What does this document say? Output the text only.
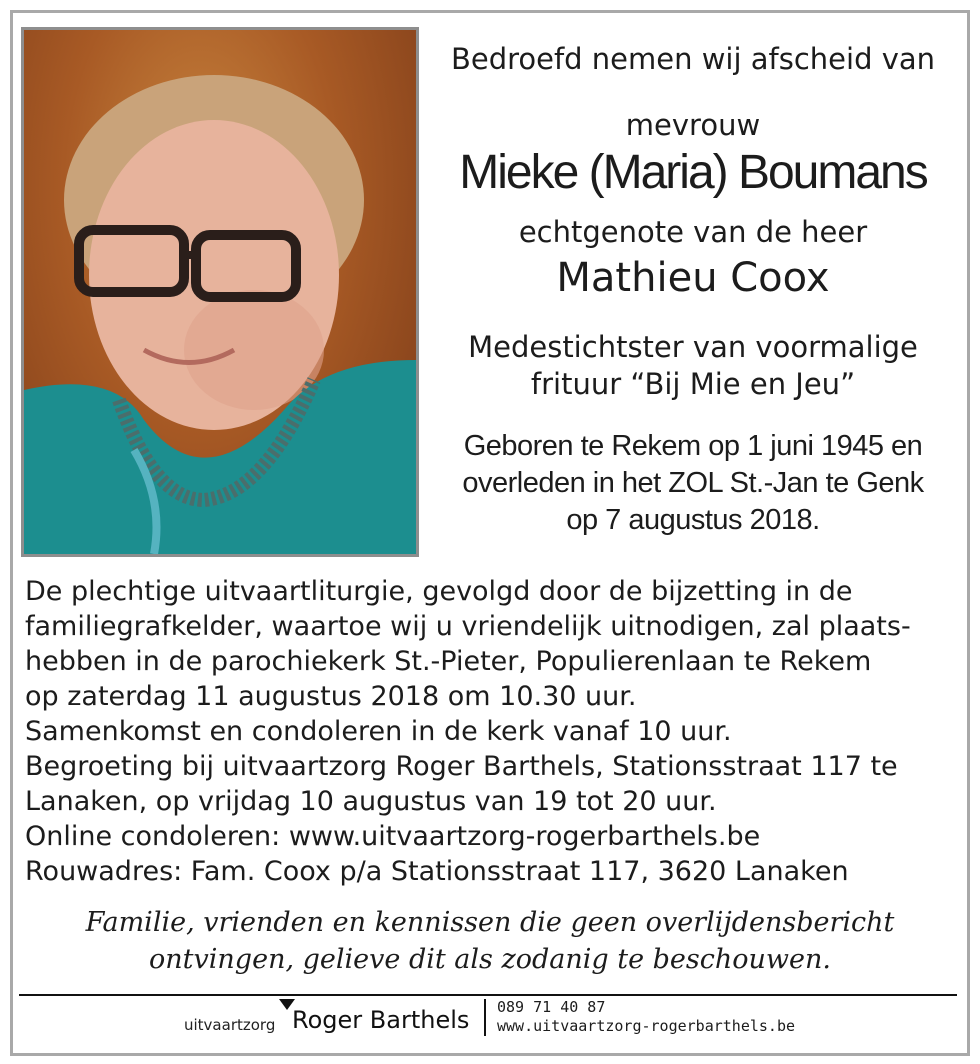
Bedroefd nemen wij afscheid van
mevrouw
Mieke (Maria) Boumans
echtgenote van de heer
Mathieu Coox
Medestichtster van voormalige
frituur “Bij Mie en Jeu”
Geboren te Rekem op 1 juni 1945 en
overleden in het ZOL St.-Jan te Genk
op 7 augustus 2018.
De plechtige uitvaartliturgie, gevolgd door de bijzetting in de
familiegrafkelder, waartoe wij u vriendelijk uitnodigen, zal plaats-
hebben in de parochiekerk St.-Pieter, Populierenlaan te Rekem
op zaterdag 11 augustus 2018 om 10.30 uur.
Samenkomst en condoleren in de kerk vanaf 10 uur.
Begroeting bij uitvaartzorg Roger Barthels, Stationsstraat 117 te
Lanaken, op vrijdag 10 augustus van 19 tot 20 uur.
Online condoleren: www.uitvaartzorg-rogerbarthels.be
Rouwadres: Fam. Coox p/a Stationsstraat 117, 3620 Lanaken
Familie, vrienden en kennissen die geen overlijdensbericht
ontvingen, gelieve dit als zodanig te beschouwen.
uitvaartzorg Roger Barthels 089 71 40 87
www.uitvaartzorg-rogerbarthels.be
